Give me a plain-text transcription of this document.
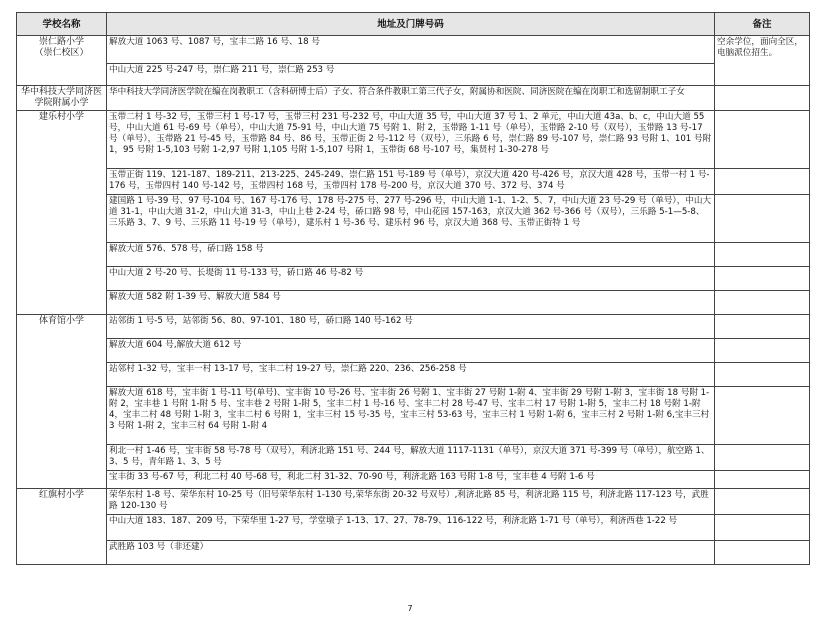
学校名称	地址及门牌号码	备注
崇仁路小学
（崇仁校区）	解放大道 1063 号、1087 号，宝丰二路 16 号、18 号	空余学位，面向全区，电脑派位招生。
	中山大道 225 号-247 号，崇仁路 211 号，崇仁路 253 号	
华中科技大学同济医学院附属小学	华中科技大学同济医学院在编在岗教职工（含科研博士后）子女、符合条件教职工第三代子女，附属协和医院、同济医院在编在岗职工和选留制职工子女	
建乐村小学	玉带二村 1 号-32 号，玉带三村 1 号-17 号，玉带三村 231 号-232 号，中山大道 35 号，中山大道 37 号 1、2 单元，中山大道 43a、b、c，中山大道 55 号，中山大道 61 号-69 号（单号），中山大道 75-91 号，中山大道 75 号附 1、附 2，玉带路 1-11 号（单号），玉带路 2-10 号（双号），玉带路 13 号-17 号（单号），玉带路 21 号-45 号，玉带路 84 号、86 号，玉带正街 2 号-112 号（双号），三乐路 6 号，崇仁路 89 号-107 号，崇仁路 93 号附 1、101 号附 1，95 号附 1-5,103 号附 1-2,97 号附 1,105 号附 1-5,107 号附 1，玉带街 68 号-107 号，集贤村 1-30-278 号	
	玉带正街 119、121-187、189-211、213-225、245-249、崇仁路 151 号-189 号（单号），京汉大道 420 号-426 号，京汉大道 428 号，玉带一村 1 号-176 号，玉带四村 140 号-142 号，玉带四村 168 号，玉带四村 178 号-200 号，京汉大道 370 号、372 号、374 号	
	建国路 1 号-39 号、97 号-104 号、167 号-176 号、178 号-275 号、277 号-296 号，中山大道 1-1、1-2、5、7，中山大道 23 号-29 号（单号），中山大道 31-1，中山大道 31-2，中山大道 31-3，中山上巷 2-24 号，硚口路 98 号，中山花园 157-163，京汉大道 362 号-366 号（双号），三乐路 5-1—5-8、三乐路 3、7、9 号、三乐路 11 号-19 号（单号），建乐村 1 号-36 号、建乐村 96 号，京汉大道 368 号、玉带正街特 1 号	
	解放大道 576、578 号，硚口路 158 号	
	中山大道 2 号-20 号、长堤街 11 号-133 号，硚口路 46 号-82 号	
	解放大道 582 附 1-39 号、解放大道 584 号	
体育馆小学	站邻街 1 号-5 号，站邻街 56、80、97-101、180 号，硚口路 140 号-162 号	
	解放大道 604 号,解放大道 612 号	
	站邻村 1-32 号，宝丰一村 13-17 号，宝丰二村 19-27 号，崇仁路 220、236、256-258 号	
	解放大道 618 号，宝丰街 1 号-11 号(单号)、宝丰街 10 号-26 号、宝丰街 26 号附 1、宝丰街 27 号附 1-附 4、宝丰街 29 号附 1-附 3，宝丰街 18 号附 1-附 2，宝丰巷 1 号附 1-附 5 号、宝丰巷 2 号附 1-附 5，宝丰二村 1 号-16 号、宝丰二村 28 号-47 号、宝丰二村 17 号附 1-附 5，宝丰二村 18 号附 1-附 4，宝丰二村 48 号附 1-附 3，宝丰二村 6 号附 1，宝丰三村 15 号-35 号，宝丰三村 53-63 号，宝丰三村 1 号附 1-附 6，宝丰三村 2 号附 1-附 6,宝丰三村 3 号附 1-附 2，宝丰三村 64 号附 1-附 4	
	利北一村 1-46 号，宝丰街 58 号-78 号（双号），利济北路 151 号、244 号，解放大道 1117-1131（单号），京汉大道 371 号-399 号（单号），航空路 1、3、5 号，青年路 1、3、5 号	
	宝丰街 33 号-67 号，利北二村 40 号-68 号，利北二村 31-32、70-90 号，利济北路 163 号附 1-8 号，宝丰巷 4 号附 1-6 号	
红旗村小学	荣华东村 1-8 号、荣华东村 10-25 号（旧号荣华东村 1-130 号,荣华东街 20-32 号双号）,利济北路 85 号，利济北路 115 号，利济北路 117-123 号，武胜路 120-130 号	
	中山大道 183、187、209 号，下荣华里 1-27 号，学堂墩子 1-13、17、27、78-79、116-122 号，利济北路 1-71 号（单号），利济西巷 1-22 号	
	武胜路 103 号（非还建）	
7
